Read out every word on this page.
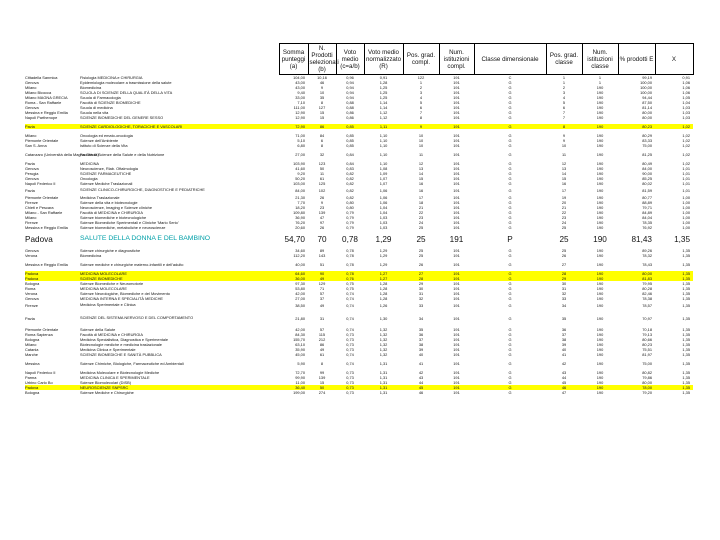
		Somma punteggi (a)	N. Prodotti selezionati (b)	Voto medio (c=a/b)	Voto medio normalizzato (R)	Pos. grad. compl.	Num. istituzioni compl.	Classe dimensionale	Pos. grad. classe	Num. istituzioni classe	% prodotti E	X
Cittadella Sanmica	Fisiologia MEDICINA e CHIRURGIA	104,00	10,16	0,96	0,91	122	191	C	1	1	99,19	0,91
Genova	Epidemiologia molecolare a trasmissione della salute	43,00	46	0,94	1,28	1	191	G	1	1	100,00	1,06
Milano	Biomedicina	43,00	9	0,94	1,25	2	191	G	2	190	100,00	1,06
Milano Bicocca	SCUOLA DI SCIENZE DELLA QUALITÀ DELLA VITA	9,40	10	0,94	1,25	3	191	G	3	190	100,00	1,06
Milano MAGNA GRECIA	Scuola di Farmacologia	33,00	35	0,94	1,25	4	191	G	4	190	94,44	1,05
Roma - San Raffaele	Facoltà di SCIENZE BIOMEDICHE	7,10	8	0,88	1,14	5	191	G	5	190	87,50	1,04
Genova	Scuola di medicina	111,00	127	0,88	1,14	6	191	G	6	190	81,14	1,03
Messina e Reggio Emilia	Scuola nella vita	12,90	15	0,86	1,12	7	191	G	7	190	80,00	1,03
Napoli Parthenope	SCIENZE BIOMEDICHE DEL GENERE SESSO	12,90	15	0,86	1,12	8	191	G	7	190	80,00	1,03

Pavia	SCIENZE CARDIOLOGICHE, TORACICHE E VASCOLARI	72,90	86	0,85	1,11	9	191	G	8	190	80,23	1,02

Milano	Oncologia ed emato-oncologia	71,00	84	0,85	1,10	10	191	G	9	190	80,29	1,02
Piemonte Orientale	Scienze dell'Ambiente	5,10	6	0,85	1,10	10	191	G	9	190	83,33	1,02
San S. Anna	Istituto di Scienze della Vita	6,80	8	0,85	1,10	10	191	G	10	190	75,00	1,02

Catanzaro (Università della Magna Grecia)	Facoltà di Scienze della Salute e della Nutrizione	27,00	32	0,84	1,10	11	191	G	11	190	81,25	1,02

Pavia	MEDICINA	103,90	123	0,84	1,10	12	191	G	12	190	80,49	1,02
Genova	Neuroscienze, Riab. Oftalmologia	41,60	50	0,83	1,08	13	191	G	13	190	84,00	1,01
Perugia	SCIENZE FARMACEUTICHE	9,20	11	0,82	1,09	14	191	G	14	190	90,00	1,01
Genova	Oncologia	50,20	61	0,82	1,07	15	191	G	15	190	85,25	1,01
Napoli Federico II	Scienze Mediche Traslazionali	103,00	125	0,82	1,07	16	191	G	16	190	80,02	1,01
Pavia	SCIENZE CLINICO-CHIRURGICHE, DIAGNOSTICHE E PEDIATRICHE	84,00	102	0,82	1,06	16	191	G	17	190	81,59	1,01
Piemonte Orientale	Medicina Traslazionale	21,30	26	0,82	1,06	17	191	G	19	190	80,77	1,00
Firenze	Scienze della vita e biotecnologie	7,70	9	0,80	1,06	18	191	G	20	190	88,89	1,00
Chieti e Pescara	Neuroscienze, Imaging e Scienze cliniche	18,20	23	0,80	1,04	21	191	G	21	190	79,71	1,00
Milano - San Raffaele	Facoltà di MEDICINA e CHIRURGIA	109,80	139	0,79	1,04	22	191	G	22	190	84,89	1,00
Milano	Scienze biomediche e biotecnologiche	36,90	47	0,79	1,03	23	191	G	23	190	84,04	1,00
Firenze	Scienze Biomediche Sperimentali e Cliniche 'Mario Serio'	76,20	97	0,79	1,03	24	191	G	24	190	78,35	1,00
Messina e Reggio Emilia	Scienze biomediche, metaboliche e neuroscienze	20,60	26	0,79	1,03	25	191	G	25	190	76,92	1,00
Padova	SALUTE DELLA DONNA E DEL BAMBINO	54,70	70	0,78	1,29	25	191	P	25	190	81,43	1,35
Genova	Scienze chirurgiche e diagnostiche	34,60	89	0,78	1,29	25	191	G	25	190	89,26	1,35
Verona	Biomedicina	112,20	143	0,78	1,29	25	191	G	26	190	78,32	1,35

Messina e Reggio Emilia	Scienze mediche e chirurgiche materno-infantili e dell'adulto	40,00	51	0,78	1,29	26	191	G	27	190	78,43	1,35

Padova	MEDICINA MOLECOLARE	64,60	90	0,78	1,27	27	191	G	28	190	80,00	1,35
Padova	SCIENZE BIOMEDICHE	36,00	49	0,76	1,27	28	191	G	29	190	81,83	1,35
Bologna	Scienze Biomediche e Neuromotorie	97,30	129	0,75	1,28	29	191	G	30	190	79,95	1,35
Roma	MEDICINA MOLECOLARE	53,80	71	0,75	1,28	30	191	G	31	190	80,28	1,35
Verona	Scienze Neurologiche, Biomediche e del Movimento	42,00	57	0,74	1,28	31	191	G	32	190	82,46	1,35
Genova	MEDICINA INTERNA E SPECIALITÀ MEDICHE	27,00	37	0,74	1,28	32	191	G	33	190	78,38	1,35
Firenze	Medicina Sperimentale e Clinica	38,50	49	0,74	1,26	33	191	G	34	190	78,57	1,35

Pavia	SCIENZE DEL SISTEMA NERVOSO E DEL COMPORTAMENTO	21,80	31	0,74	1,30	34	191	G	35	190	70,97	1,35

Piemonte Orientale	Scienze della Salute	42,00	57	0,74	1,32	35	191	G	36	190	70,18	1,35
Roma Sapienza	Facoltà di MEDICINA e CHIRURGIA	84,30	115	0,73	1,32	36	191	G	37	190	79,13	1,35
Bologna	Medicina Specialistica, Diagnostica e Sperimentale	155,70	212	0,73	1,32	37	191	G	38	190	80,66	1,35
Milano	Biotecnologie mediche e medicina traslazionale	63,10	86	0,73	1,32	38	191	G	39	190	80,23	1,35
Catania	Medicina Clinica e Sperimentale	35,90	49	0,73	1,32	39	191	G	40	190	75,51	1,35
Marche	SCIENZE BIOMEDICHE E SANITÀ PUBBLICA	45,00	61	0,74	1,32	40	191	G	41	190	81,97	1,35

Messina	Scienze Chimiche, Biologiche, Farmaceutiche ed Ambientali	5,90	8	0,74	1,31	41	191	G	42	190	75,00	1,35

Napoli Federico II	Medicina Molecolare e Biotecnologie Mediche	72,70	99	0,73	1,31	42	191	G	43	190	80,82	1,35
Parma	MEDICINA CLINICA E SPERIMENTALE	99,90	139	0,73	1,31	43	191	G	44	190	79,86	1,35
Urbino Carlo Bo	Scienze Biomolecolari (DISB)	11,00	15	0,73	1,31	44	191	G	45	190	80,00	1,35
Padova	NEUROSCIENZE SNPSRC	36,40	50	0,73	1,31	45	191	G	46	190	78,00	1,35
Bologna	Scienze Mediche e Chirurgiche	199,00	274	0,73	1,31	46	191	G	47	190	79,20	1,35
